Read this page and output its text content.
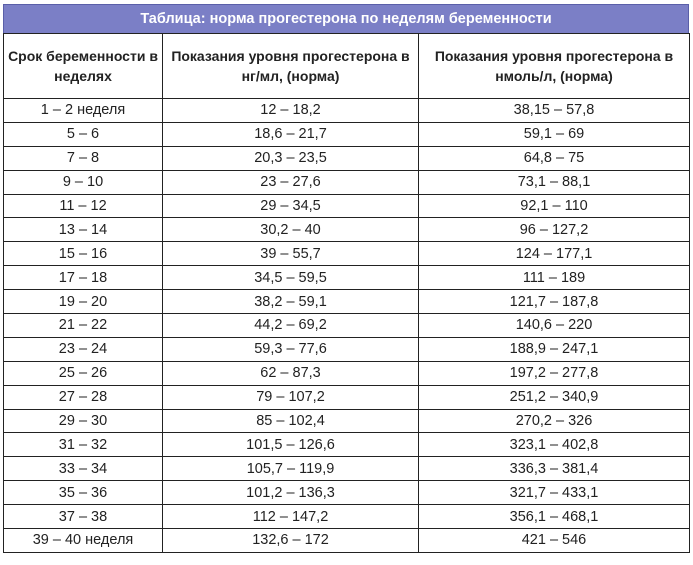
Таблица: норма прогестерона по неделям беременности
Срок беременности в неделях	Показания уровня прогестерона в нг/мл, (норма)	Показания уровня прогестерона в нмоль/л, (норма)
1 – 2 неделя	12 – 18,2	38,15 – 57,8
5 – 6	18,6 – 21,7	59,1 – 69
7 – 8	20,3 – 23,5	64,8 – 75
9 – 10	23 – 27,6	73,1 – 88,1
11 – 12	29 – 34,5	92,1 – 110
13 – 14	30,2 – 40	96 – 127,2
15 – 16	39 – 55,7	124 – 177,1
17 – 18	34,5 – 59,5	111 – 189
19 – 20	38,2 – 59,1	121,7 – 187,8
21 – 22	44,2 – 69,2	140,6 – 220
23 – 24	59,3 – 77,6	188,9 – 247,1
25 – 26	62 – 87,3	197,2 – 277,8
27 – 28	79 – 107,2	251,2 – 340,9
29 – 30	85 – 102,4	270,2 – 326
31 – 32	101,5 – 126,6	323,1 – 402,8
33 – 34	105,7 – 119,9	336,3 – 381,4
35 – 36	101,2 – 136,3	321,7 – 433,1
37 – 38	112 – 147,2	356,1 – 468,1
39 – 40 неделя	132,6 – 172	421 – 546
